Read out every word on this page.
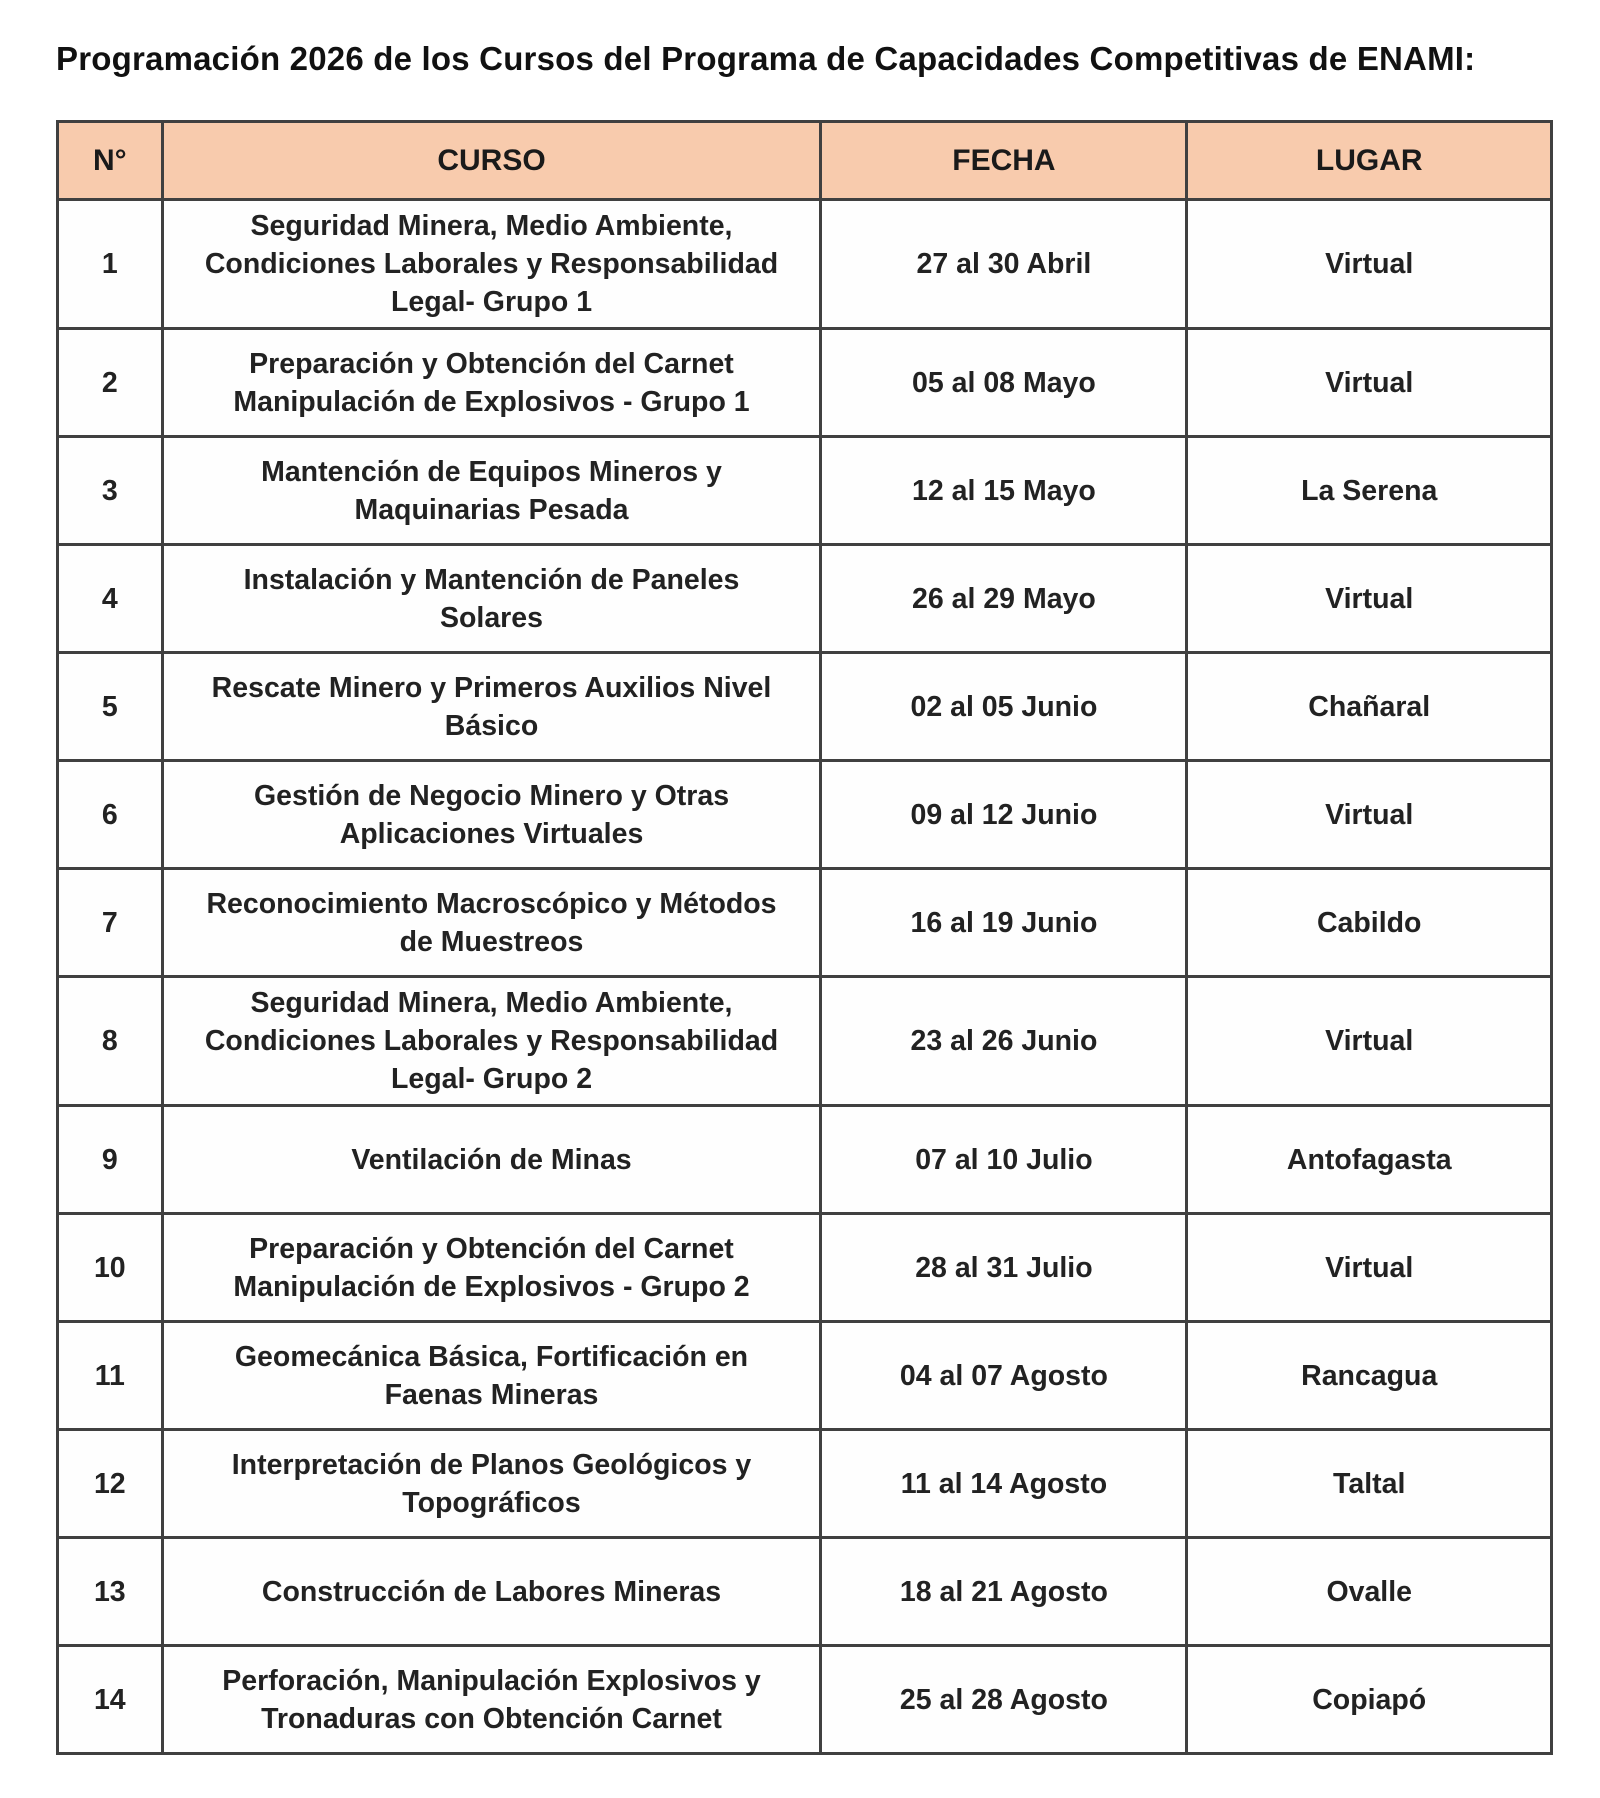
Programación 2026 de los Cursos del Programa de Capacidades Competitivas de ENAMI:
N°	CURSO	FECHA	LUGAR
1	Seguridad Minera, Medio Ambiente, Condiciones Laborales y Responsabilidad Legal- Grupo 1	27 al 30 Abril	Virtual
2	Preparación y Obtención del Carnet Manipulación de Explosivos - Grupo 1	05 al 08 Mayo	Virtual
3	Mantención de Equipos Mineros y Maquinarias Pesada	12 al 15 Mayo	La Serena
4	Instalación y Mantención de Paneles Solares	26 al 29 Mayo	Virtual
5	Rescate Minero y Primeros Auxilios Nivel Básico	02 al 05 Junio	Chañaral
6	Gestión de Negocio Minero y Otras Aplicaciones Virtuales	09 al 12 Junio	Virtual
7	Reconocimiento Macroscópico y Métodos de Muestreos	16 al 19 Junio	Cabildo
8	Seguridad Minera, Medio Ambiente, Condiciones Laborales y Responsabilidad Legal- Grupo 2	23 al 26 Junio	Virtual
9	Ventilación de Minas	07 al 10 Julio	Antofagasta
10	Preparación y Obtención del Carnet Manipulación de Explosivos - Grupo 2	28 al 31 Julio	Virtual
11	Geomecánica Básica, Fortificación en Faenas Mineras	04 al 07 Agosto	Rancagua
12	Interpretación de Planos Geológicos y Topográficos	11 al 14 Agosto	Taltal
13	Construcción de Labores Mineras	18 al 21 Agosto	Ovalle
14	Perforación, Manipulación Explosivos y Tronaduras con Obtención Carnet	25 al 28 Agosto	Copiapó
